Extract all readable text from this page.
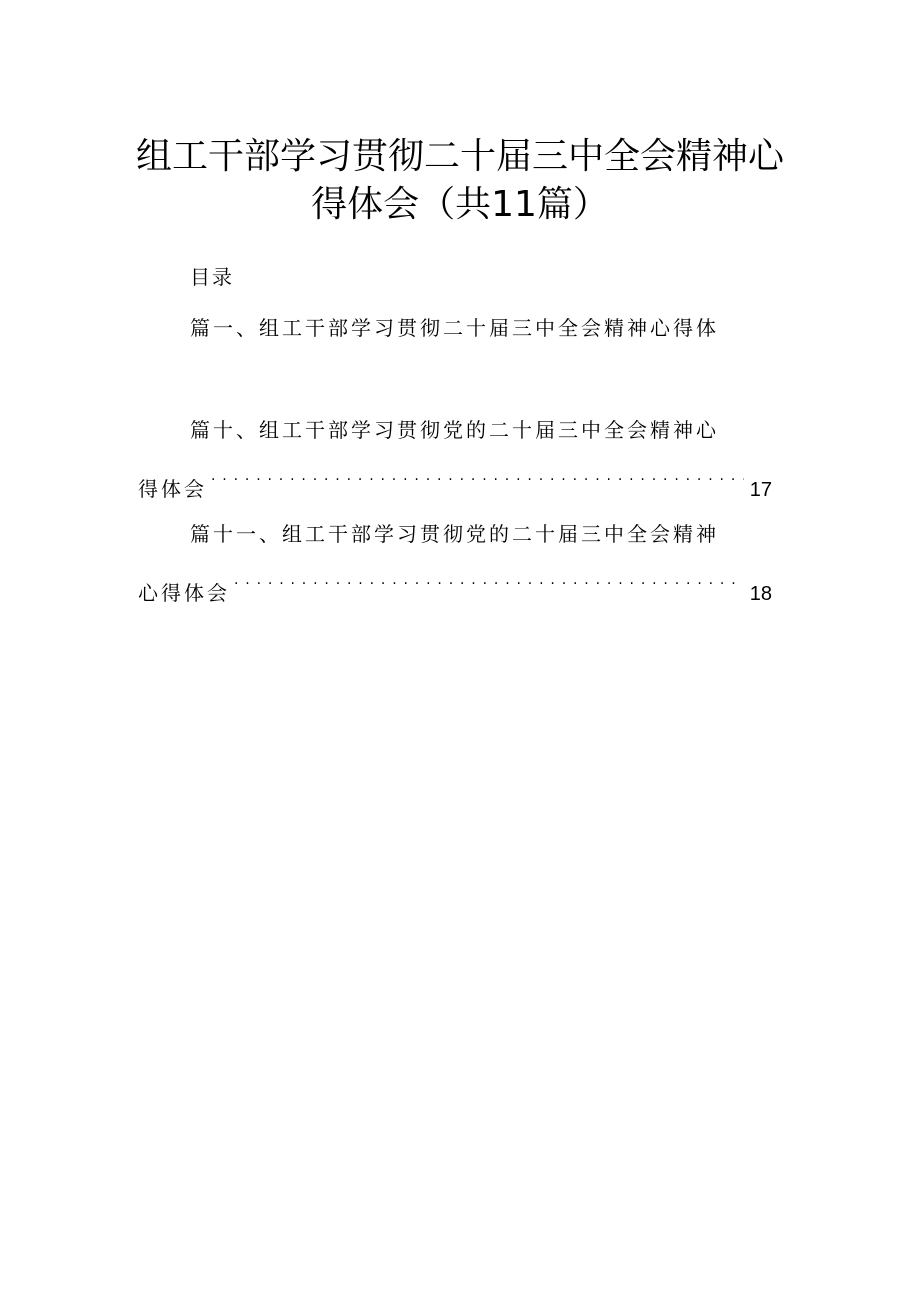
组工干部学习贯彻二十届三中全会精神心
得体会（共11篇）
目录
篇一、组工干部学习贯彻二十届三中全会精神心得体
篇十、组工干部学习贯彻党的二十届三中全会精神心
得体会 . . .	17
篇十一、组工干部学习贯彻党的二十届三中全会精神
心得体会 . . .	18
